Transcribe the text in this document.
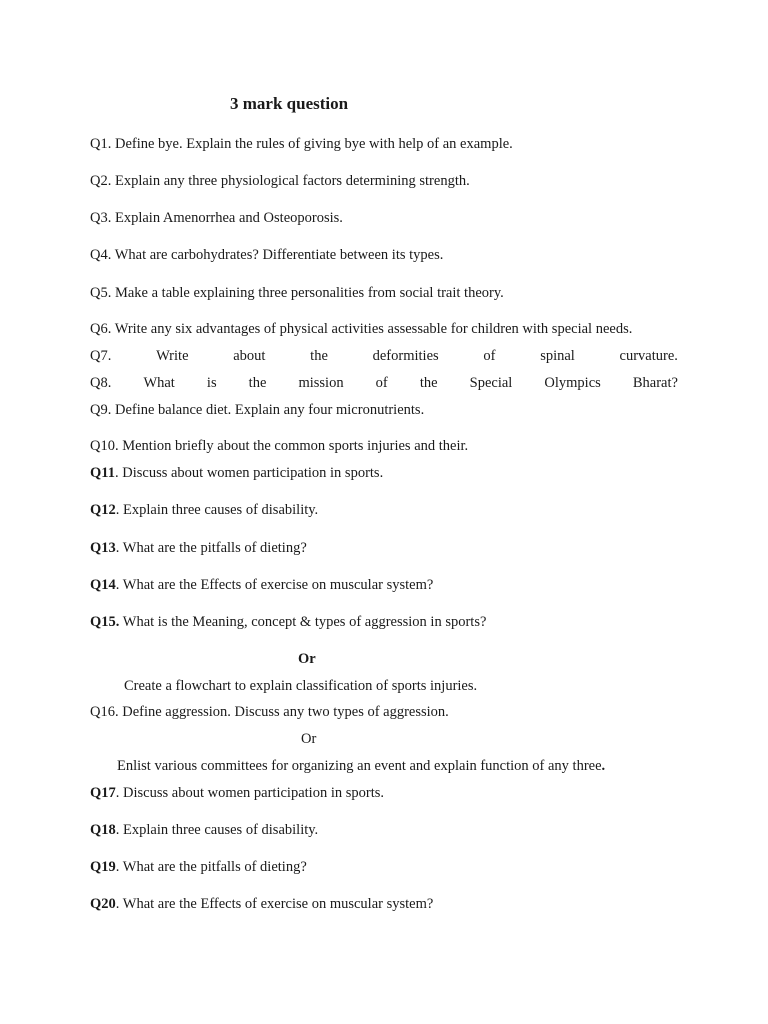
3 mark question
Q1. Define bye. Explain the rules of giving bye with help of an example.
Q2. Explain any three physiological factors determining strength.
Q3. Explain Amenorrhea and Osteoporosis.
Q4. What are carbohydrates? Differentiate between its types.
Q5. Make a table explaining three personalities from social trait theory.
Q6. Write any six advantages of physical activities assessable for children with special needs.
Q7.	Write	about	the	deformities	of	spinal	curvature.
Q8. What is the mission of the Special Olympics Bharat?
Q9. Define balance diet. Explain any four micronutrients.
Q10. Mention briefly about the common sports injuries and their.
Q11. Discuss about women participation in sports.
Q12. Explain three causes of disability.
Q13. What are the pitfalls of dieting?
Q14. What are the Effects of exercise on muscular system?
Q15. What is the Meaning, concept & types of aggression in sports?
Or
Create a flowchart to explain classification of sports injuries.
Q16. Define aggression. Discuss any two types of aggression.
Or
Enlist various committees for organizing an event and explain function of any three.
Q17. Discuss about women participation in sports.
Q18. Explain three causes of disability.
Q19. What are the pitfalls of dieting?
Q20. What are the Effects of exercise on muscular system?
